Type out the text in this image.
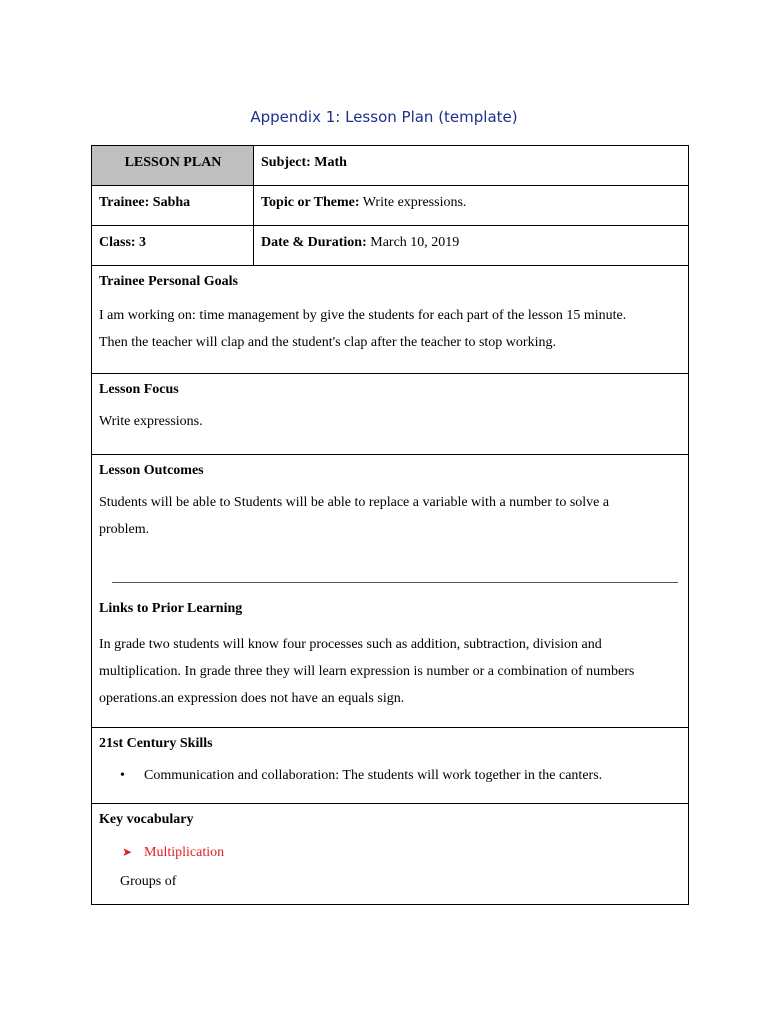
Appendix 1: Lesson Plan (template)
LESSON PLAN	Subject: Math
Trainee: Sabha	Topic or Theme: Write expressions.
Class: 3	Date & Duration: March 10, 2019
Trainee Personal Goals
I am working on: time management by give the students for each part of the lesson 15 minute.
Then the teacher will clap and the student's clap after the teacher to stop working.
Lesson Focus
Write expressions.
Lesson Outcomes
Students will be able to Students will be able to replace a variable with a number to solve a
problem.
Links to Prior Learning
In grade two students will know four processes such as addition, subtraction, division and
multiplication. In grade three they will learn expression is number or a combination of numbers
operations.an expression does not have an equals sign.
21st Century Skills
• Communication and collaboration: The students will work together in the canters.
Key vocabulary
➤ Multiplication
Groups of
